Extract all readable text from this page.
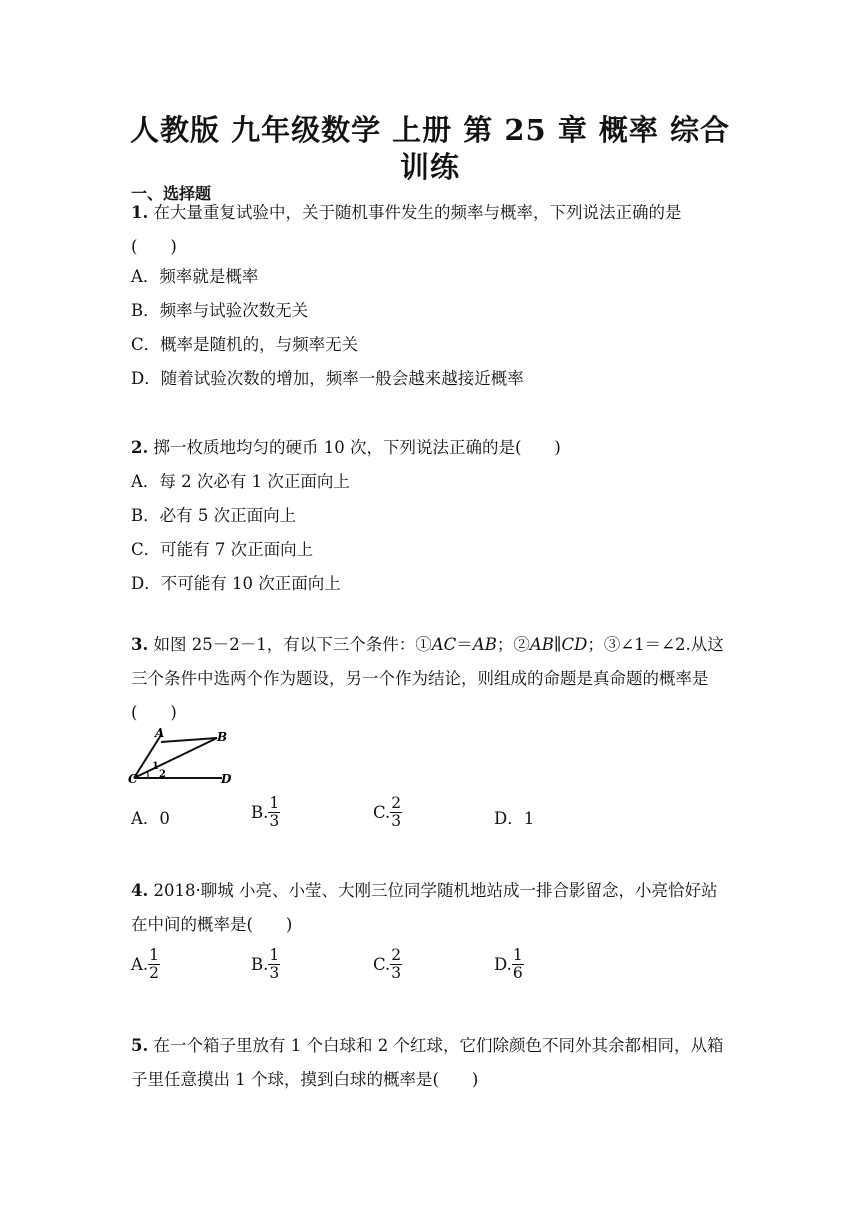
人教版 九年级数学 上册 第 25 章 概率 综合
训练
一、选择题
1. 在大量重复试验中，关于随机事件发生的频率与概率，下列说法正确的是
(　　)
A．频率就是概率
B．频率与试验次数无关
C．概率是随机的，与频率无关
D．随着试验次数的增加，频率一般会越来越接近概率
2. 掷一枚质地均匀的硬币 10 次，下列说法正确的是(　　)
A．每 2 次必有 1 次正面向上
B．必有 5 次正面向上
C．可能有 7 次正面向上
D．不可能有 10 次正面向上
3. 如图 25－2－1，有以下三个条件：①AC＝AB；②AB∥CD；③∠1＝∠2.从这
三个条件中选两个作为题设，另一个作为结论，则组成的命题是真命题的概率是
(　　)
A	B
C	D
1
2
A．0	B. $\frac{1}{3}$	C. $\frac{2}{3}$	D．1
4. 2018·聊城 小亮、小莹、大刚三位同学随机地站成一排合影留念，小亮恰好站
在中间的概率是(　　)
A. $\frac{1}{2}$	B. $\frac{1}{3}$	C. $\frac{2}{3}$	D. $\frac{1}{6}$
5. 在一个箱子里放有 1 个白球和 2 个红球，它们除颜色不同外其余都相同，从箱
子里任意摸出 1 个球，摸到白球的概率是(　　)
